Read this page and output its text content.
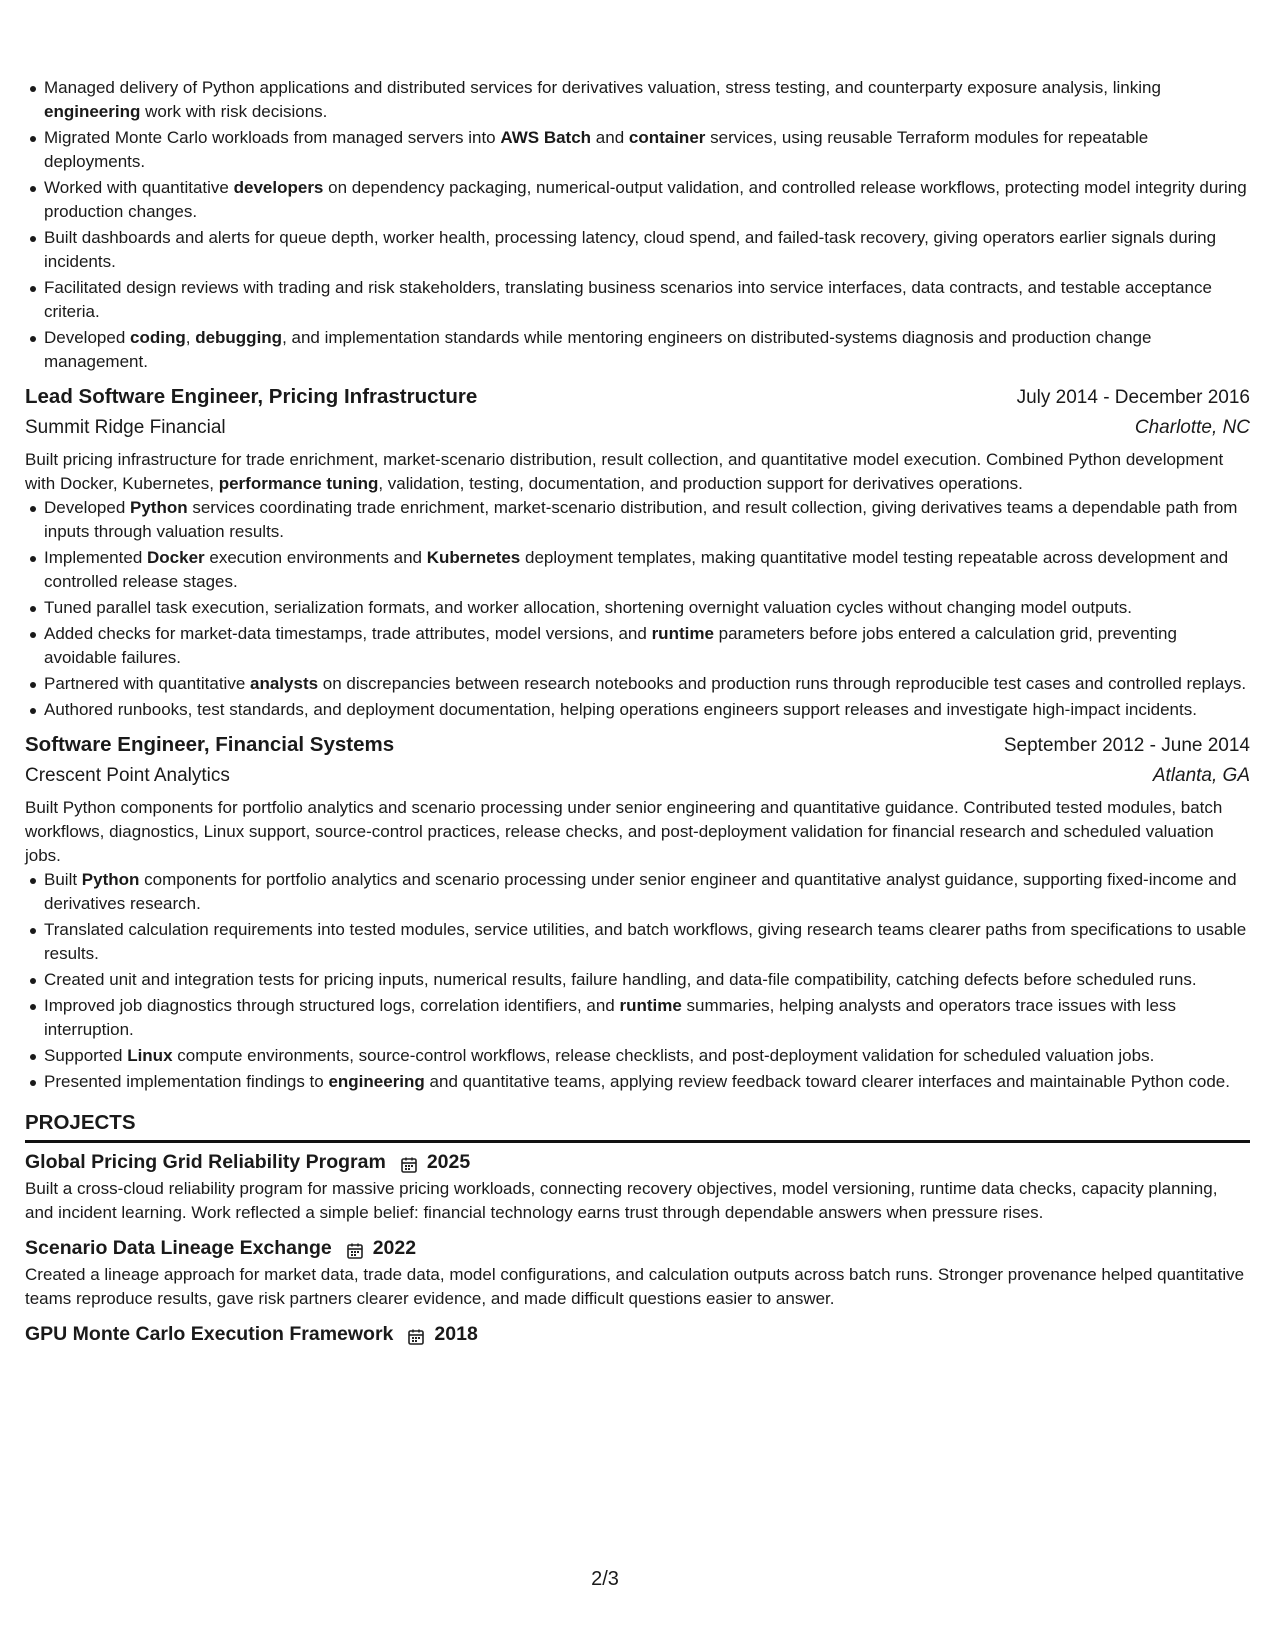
Managed delivery of Python applications and distributed services for derivatives valuation, stress testing, and counterparty exposure analysis, linking engineering work with risk decisions.
Migrated Monte Carlo workloads from managed servers into AWS Batch and container services, using reusable Terraform modules for repeatable deployments.
Worked with quantitative developers on dependency packaging, numerical-output validation, and controlled release workflows, protecting model integrity during production changes.
Built dashboards and alerts for queue depth, worker health, processing latency, cloud spend, and failed-task recovery, giving operators earlier signals during incidents.
Facilitated design reviews with trading and risk stakeholders, translating business scenarios into service interfaces, data contracts, and testable acceptance criteria.
Developed coding, debugging, and implementation standards while mentoring engineers on distributed-systems diagnosis and production change management.
Lead Software Engineer, Pricing Infrastructure	July 2014 - December 2016
Summit Ridge Financial	Charlotte, NC

Built pricing infrastructure for trade enrichment, market-scenario distribution, result collection, and quantitative model execution. Combined Python development with Docker, Kubernetes, performance tuning, validation, testing, documentation, and production support for derivatives operations.

Developed Python services coordinating trade enrichment, market-scenario distribution, and result collection, giving derivatives teams a dependable path from inputs through valuation results.
Implemented Docker execution environments and Kubernetes deployment templates, making quantitative model testing repeatable across development and controlled release stages.
Tuned parallel task execution, serialization formats, and worker allocation, shortening overnight valuation cycles without changing model outputs.
Added checks for market-data timestamps, trade attributes, model versions, and runtime parameters before jobs entered a calculation grid, preventing avoidable failures.
Partnered with quantitative analysts on discrepancies between research notebooks and production runs through reproducible test cases and controlled replays.
Authored runbooks, test standards, and deployment documentation, helping operations engineers support releases and investigate high-impact incidents.
Software Engineer, Financial Systems	September 2012 - June 2014
Crescent Point Analytics	Atlanta, GA

Built Python components for portfolio analytics and scenario processing under senior engineering and quantitative guidance. Contributed tested modules, batch workflows, diagnostics, Linux support, source-control practices, release checks, and post-deployment validation for financial research and scheduled valuation jobs.

Built Python components for portfolio analytics and scenario processing under senior engineer and quantitative analyst guidance, supporting fixed-income and derivatives research.
Translated calculation requirements into tested modules, service utilities, and batch workflows, giving research teams clearer paths from specifications to usable results.
Created unit and integration tests for pricing inputs, numerical results, failure handling, and data-file compatibility, catching defects before scheduled runs.
Improved job diagnostics through structured logs, correlation identifiers, and runtime summaries, helping analysts and operators trace issues with less interruption.
Supported Linux compute environments, source-control workflows, release checklists, and post-deployment validation for scheduled valuation jobs.
Presented implementation findings to engineering and quantitative teams, applying review feedback toward clearer interfaces and maintainable Python code.
PROJECTS
Global Pricing Grid Reliability Program 2025

Built a cross-cloud reliability program for massive pricing workloads, connecting recovery objectives, model versioning, runtime data checks, capacity planning, and incident learning. Work reflected a simple belief: financial technology earns trust through dependable answers when pressure rises.

Scenario Data Lineage Exchange 2022

Created a lineage approach for market data, trade data, model configurations, and calculation outputs across batch runs. Stronger provenance helped quantitative teams reproduce results, gave risk partners clearer evidence, and made difficult questions easier to answer.

GPU Monte Carlo Execution Framework 2018
2/3
